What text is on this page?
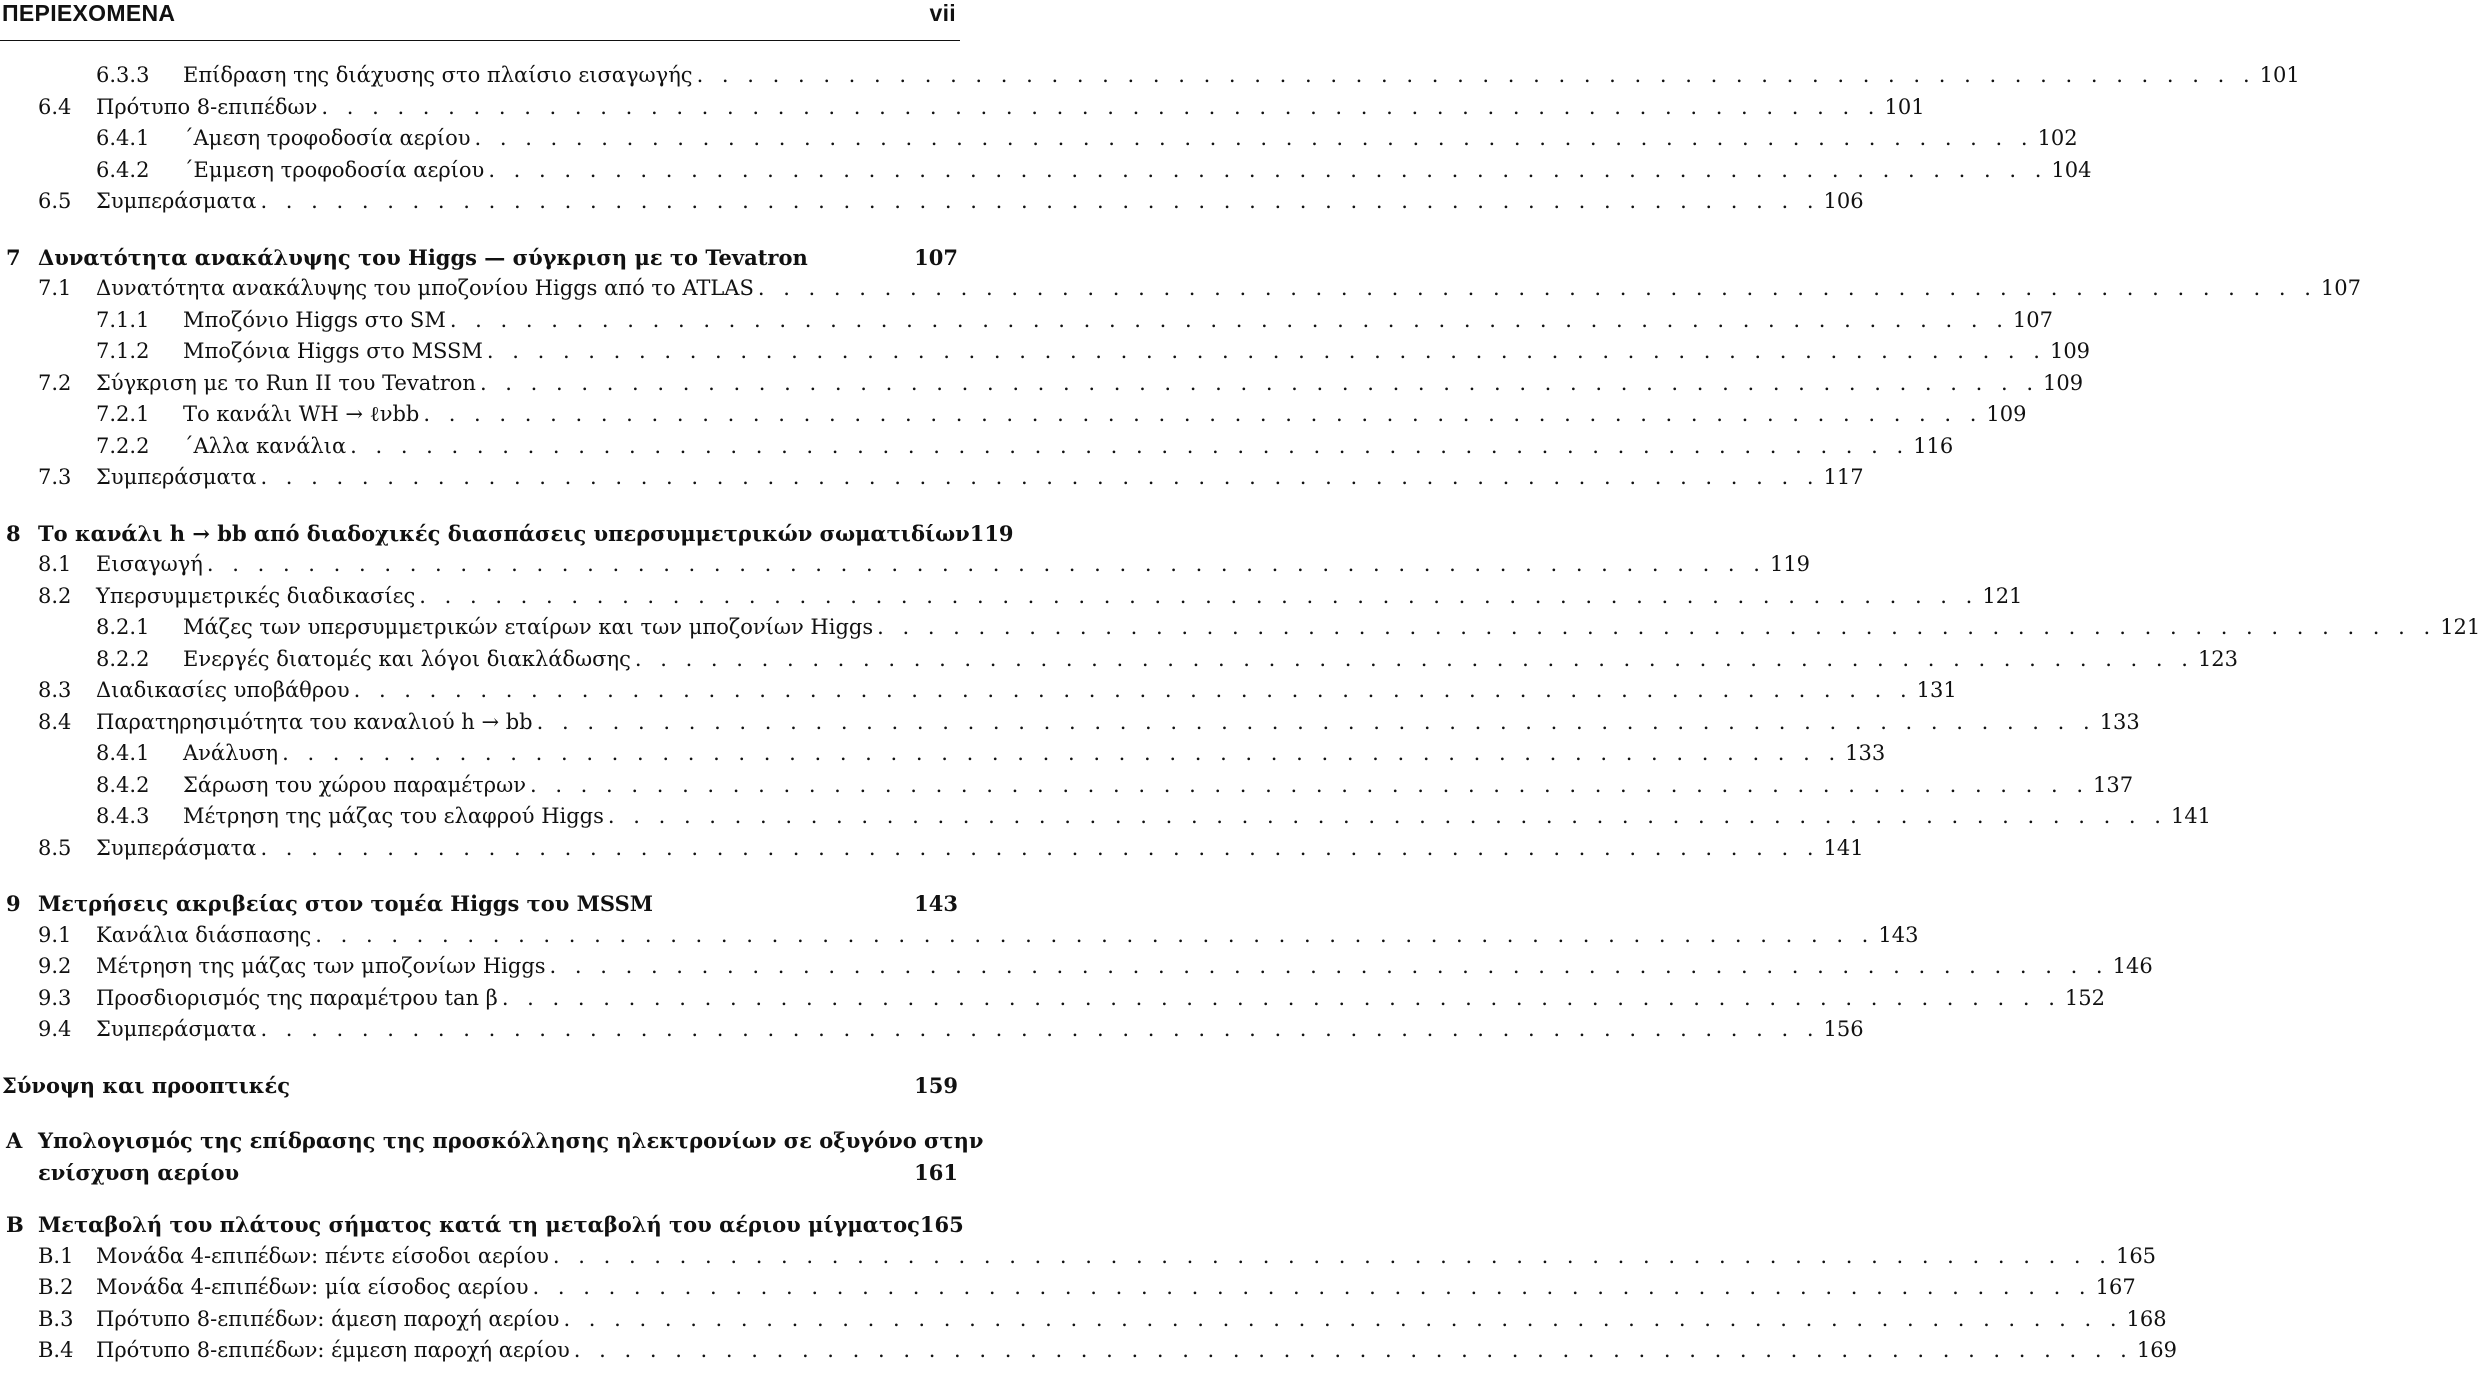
ΠΕΡΙΕΧΟΜΕΝΑ	vii
6.3.3 Επίδραση της διάχυσης στο πλαίσιο εισαγωγής . . . . . . . . . . . . . . . . . . . . . . . . . . . . . . . . . . . . . . . . . . . . . . . . . . . . . . . . . . . . . . 101
6.4 Πρότυπο 8-επιπέδων . . . . . . . . . . . . . . . . . . . . . . . . . . . . . . . . . . . . . . . . . . . . . . . . . . . . . . . . . . . . . . 101
6.4.1 ΄Αμεση τροφοδοσία αερίου . . . . . . . . . . . . . . . . . . . . . . . . . . . . . . . . . . . . . . . . . . . . . . . . . . . . . . . . . . . . . . 102
6.4.2 ΄Εμμεση τροφοδοσία αερίου . . . . . . . . . . . . . . . . . . . . . . . . . . . . . . . . . . . . . . . . . . . . . . . . . . . . . . . . . . . . . . 104
6.5 Συμπεράσματα . . . . . . . . . . . . . . . . . . . . . . . . . . . . . . . . . . . . . . . . . . . . . . . . . . . . . . . . . . . . . . 106
7 Δυνατότητα ανακάλυψης του Higgs — σύγκριση με το Tevatron	107
7.1 Δυνατότητα ανακάλυψης του μποζονίου Higgs από το ATLAS . . . . . . . . . . . . . . . . . . . . . . . . . . . . . . . . . . . . . . . . . . . . . . . . . . . . . . . . . . . . . . 107
7.1.1 Μποζόνιο Higgs στο SM . . . . . . . . . . . . . . . . . . . . . . . . . . . . . . . . . . . . . . . . . . . . . . . . . . . . . . . . . . . . . . 107
7.1.2 Μποζόνια Higgs στο MSSM . . . . . . . . . . . . . . . . . . . . . . . . . . . . . . . . . . . . . . . . . . . . . . . . . . . . . . . . . . . . . . 109
7.2 Σύγκριση με το Run II του Tevatron . . . . . . . . . . . . . . . . . . . . . . . . . . . . . . . . . . . . . . . . . . . . . . . . . . . . . . . . . . . . . . 109
7.2.1 Το κανάλι WH → ℓνbb . . . . . . . . . . . . . . . . . . . . . . . . . . . . . . . . . . . . . . . . . . . . . . . . . . . . . . . . . . . . . . 109
7.2.2 ΄Αλλα κανάλια . . . . . . . . . . . . . . . . . . . . . . . . . . . . . . . . . . . . . . . . . . . . . . . . . . . . . . . . . . . . . . 116
7.3 Συμπεράσματα . . . . . . . . . . . . . . . . . . . . . . . . . . . . . . . . . . . . . . . . . . . . . . . . . . . . . . . . . . . . . . 117
8 Το κανάλι h → bb από διαδοχικές διασπάσεις υπερσυμμετρικών σωματιδίων 119
8.1 Εισαγωγή . . . . . . . . . . . . . . . . . . . . . . . . . . . . . . . . . . . . . . . . . . . . . . . . . . . . . . . . . . . . . . 119
8.2 Υπερσυμμετρικές διαδικασίες . . . . . . . . . . . . . . . . . . . . . . . . . . . . . . . . . . . . . . . . . . . . . . . . . . . . . . . . . . . . . . 121
8.2.1 Μάζες των υπερσυμμετρικών εταίρων και των μποζονίων Higgs . . . . . . . . . . . . . . . . . . . . . . . . . . . . . . . . . . . . . . . . . . . . . . . . . . . . . . . . . . . . . . 121
8.2.2 Ενεργές διατομές και λόγοι διακλάδωσης . . . . . . . . . . . . . . . . . . . . . . . . . . . . . . . . . . . . . . . . . . . . . . . . . . . . . . . . . . . . . . 123
8.3 Διαδικασίες υποβάθρου . . . . . . . . . . . . . . . . . . . . . . . . . . . . . . . . . . . . . . . . . . . . . . . . . . . . . . . . . . . . . . 131
8.4 Παρατηρησιμότητα του καναλιού h → bb . . . . . . . . . . . . . . . . . . . . . . . . . . . . . . . . . . . . . . . . . . . . . . . . . . . . . . . . . . . . . . 133
8.4.1 Ανάλυση . . . . . . . . . . . . . . . . . . . . . . . . . . . . . . . . . . . . . . . . . . . . . . . . . . . . . . . . . . . . . . 133
8.4.2 Σάρωση του χώρου παραμέτρων . . . . . . . . . . . . . . . . . . . . . . . . . . . . . . . . . . . . . . . . . . . . . . . . . . . . . . . . . . . . . . 137
8.4.3 Μέτρηση της μάζας του ελαφρού Higgs . . . . . . . . . . . . . . . . . . . . . . . . . . . . . . . . . . . . . . . . . . . . . . . . . . . . . . . . . . . . . . 141
8.5 Συμπεράσματα . . . . . . . . . . . . . . . . . . . . . . . . . . . . . . . . . . . . . . . . . . . . . . . . . . . . . . . . . . . . . . 141
9 Μετρήσεις ακριβείας στον τομέα Higgs του MSSM	143
9.1 Κανάλια διάσπασης . . . . . . . . . . . . . . . . . . . . . . . . . . . . . . . . . . . . . . . . . . . . . . . . . . . . . . . . . . . . . . 143
9.2 Μέτρηση της μάζας των μποζονίων Higgs . . . . . . . . . . . . . . . . . . . . . . . . . . . . . . . . . . . . . . . . . . . . . . . . . . . . . . . . . . . . . . 146
9.3 Προσδιορισμός της παραμέτρου tan β . . . . . . . . . . . . . . . . . . . . . . . . . . . . . . . . . . . . . . . . . . . . . . . . . . . . . . . . . . . . . . 152
9.4 Συμπεράσματα . . . . . . . . . . . . . . . . . . . . . . . . . . . . . . . . . . . . . . . . . . . . . . . . . . . . . . . . . . . . . . 156
Σύνοψη και προοπτικές	159
A Υπολογισμός της επίδρασης της προσκόλλησης ηλεκτρονίων σε οξυγόνο στην
ενίσχυση αερίου	161
B Μεταβολή του πλάτους σήματος κατά τη μεταβολή του αέριου μίγματος 165
B.1 Μονάδα 4-επιπέδων: πέντε είσοδοι αερίου . . . . . . . . . . . . . . . . . . . . . . . . . . . . . . . . . . . . . . . . . . . . . . . . . . . . . . . . . . . . . . 165
B.2 Μονάδα 4-επιπέδων: μία είσοδος αερίου . . . . . . . . . . . . . . . . . . . . . . . . . . . . . . . . . . . . . . . . . . . . . . . . . . . . . . . . . . . . . . 167
B.3 Πρότυπο 8-επιπέδων: άμεση παροχή αερίου . . . . . . . . . . . . . . . . . . . . . . . . . . . . . . . . . . . . . . . . . . . . . . . . . . . . . . . . . . . . . . 168
B.4 Πρότυπο 8-επιπέδων: έμμεση παροχή αερίου . . . . . . . . . . . . . . . . . . . . . . . . . . . . . . . . . . . . . . . . . . . . . . . . . . . . . . . . . . . . . . 169
